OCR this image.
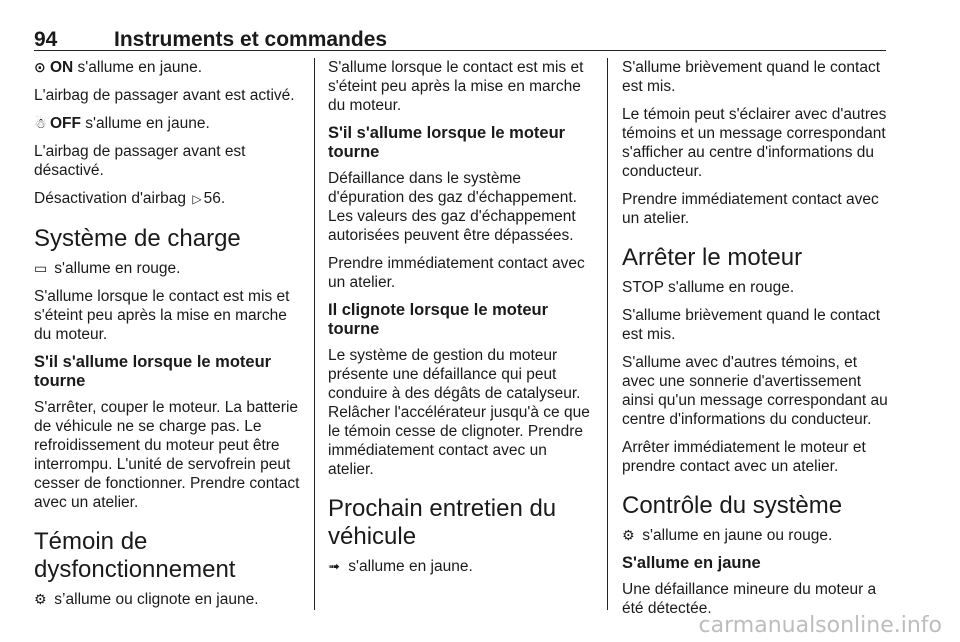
94	Instruments et commandes

⊙ ON s'allume en jaune.

L'airbag de passager avant est activé.

☃ OFF s'allume en jaune.

L'airbag de passager avant est désactivé.

Désactivation d'airbag ▷ 56.

Système de charge

▭ s'allume en rouge.

S'allume lorsque le contact est mis et s'éteint peu après la mise en marche du moteur.

S'il s'allume lorsque le moteur tourne

S'arrêter, couper le moteur. La batterie de véhicule ne se charge pas. Le refroidissement du moteur peut être interrompu. L'unité de servofrein peut cesser de fonctionner. Prendre contact avec un atelier.

Témoin de dysfonctionnement

⚙ s’allume ou clignote en jaune.

S'allume lorsque le contact est mis et s'éteint peu après la mise en marche du moteur.

S'il s'allume lorsque le moteur tourne

Défaillance dans le système d'épuration des gaz d'échappement. Les valeurs des gaz d'échappement autorisées peuvent être dépassées.

Prendre immédiatement contact avec un atelier.

Il clignote lorsque le moteur tourne

Le système de gestion du moteur présente une défaillance qui peut conduire à des dégâts de catalyseur. Relâcher l'accélérateur jusqu'à ce que le témoin cesse de clignoter. Prendre immédiatement contact avec un atelier.

Prochain entretien du véhicule

➟ s'allume en jaune.

S'allume brièvement quand le contact est mis.

Le témoin peut s'éclairer avec d'autres témoins et un message correspondant s'afficher au centre d'informations du conducteur.

Prendre immédiatement contact avec un atelier.

Arrêter le moteur

STOP s'allume en rouge.

S'allume brièvement quand le contact est mis.

S'allume avec d'autres témoins, et avec une sonnerie d'avertissement ainsi qu'un message correspondant au centre d'informations du conducteur.

Arrêter immédiatement le moteur et prendre contact avec un atelier.

Contrôle du système

⚙ s'allume en jaune ou rouge.

S'allume en jaune

Une défaillance mineure du moteur a été détectée.

carmanualsonline.info
